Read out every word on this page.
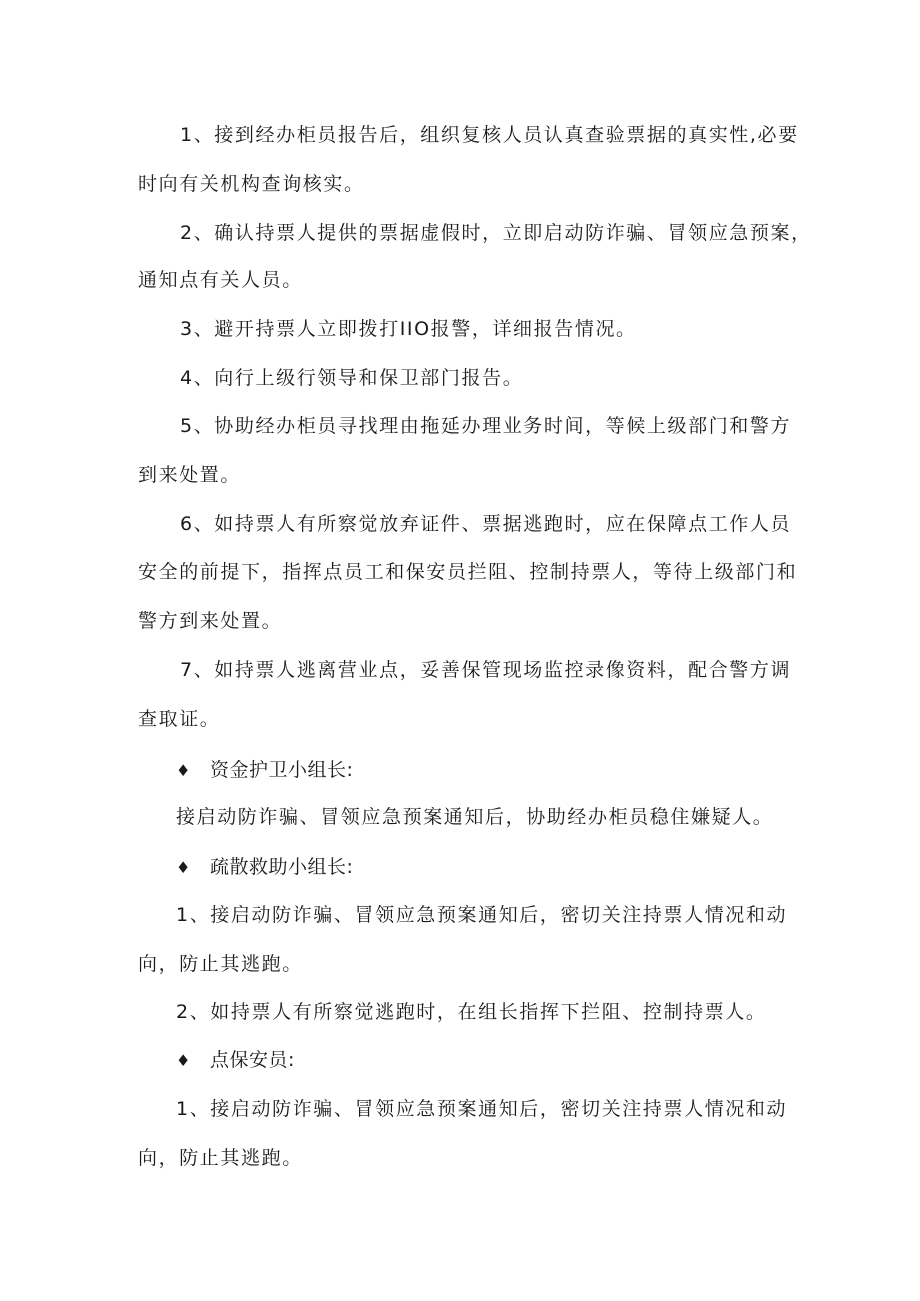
1、接到经办柜员报告后，组织复核人员认真查验票据的真实性,必要
时向有关机构查询核实。
2、确认持票人提供的票据虚假时，立即启动防诈骗、冒领应急预案，
通知点有关人员。
3、避开持票人立即拨打IIO报警，详细报告情况。
4、向行上级行领导和保卫部门报告。
5、协助经办柜员寻找理由拖延办理业务时间，等候上级部门和警方
到来处置。
6、如持票人有所察觉放弃证件、票据逃跑时，应在保障点工作人员
安全的前提下，指挥点员工和保安员拦阻、控制持票人，等待上级部门和
警方到来处置。
7、如持票人逃离营业点，妥善保管现场监控录像资料，配合警方调
查取证。
♦ 资金护卫小组长:
接启动防诈骗、冒领应急预案通知后，协助经办柜员稳住嫌疑人。
♦ 疏散救助小组长:
1、接启动防诈骗、冒领应急预案通知后，密切关注持票人情况和动
向，防止其逃跑。
2、如持票人有所察觉逃跑时，在组长指挥下拦阻、控制持票人。
♦ 点保安员:
1、接启动防诈骗、冒领应急预案通知后，密切关注持票人情况和动
向，防止其逃跑。
